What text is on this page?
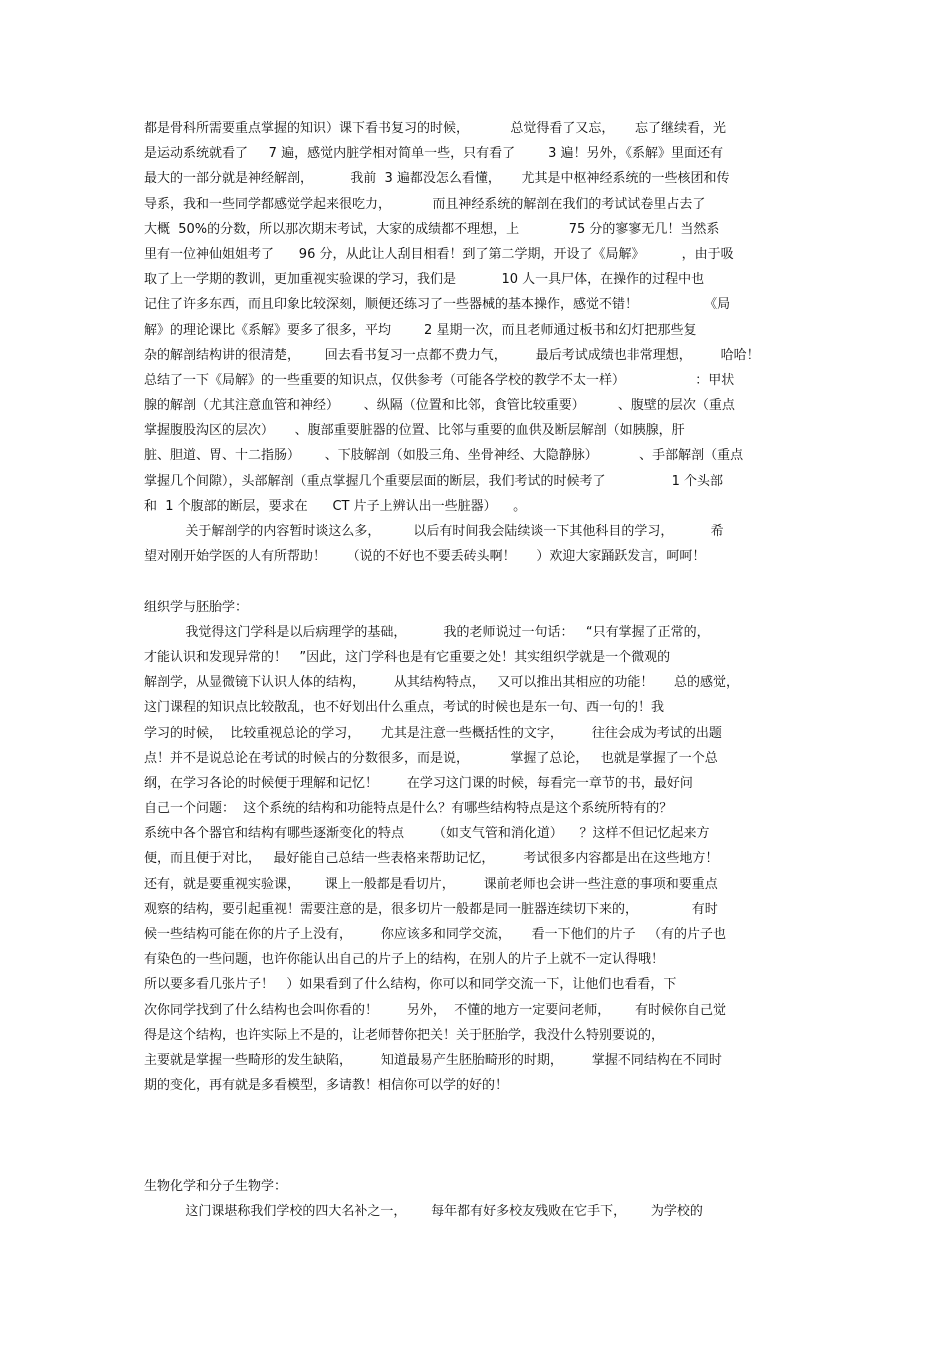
都是骨科所需要重点掌握的知识）课下看书复习的时候，          总觉得看了又忘，     忘了继续看，光
是运动系统就看了     7 遍，感觉内脏学相对简单一些，只有看了        3 遍！另外，《系解》里面还有
最大的一部分就是神经解剖，         我前  3 遍都没怎么看懂，     尤其是中枢神经系统的一些核团和传
导系，我和一些同学都感觉学起来很吃力，          而且神经系统的解剖在我们的考试试卷里占去了
大概  50%的分数，所以那次期末考试，大家的成绩都不理想，上            75 分的寥寥无几！当然系
里有一位神仙姐姐考了      96 分，从此让人刮目相看！到了第二学期，开设了《局解》         ，由于吸
取了上一学期的教训，更加重视实验课的学习，我们是           10 人一具尸体，在操作的过程中也
记住了许多东西，而且印象比较深刻，顺便还练习了一些器械的基本操作，感觉不错！                《局
解》的理论课比《系解》要多了很多，平均        2 星期一次，而且老师通过板书和幻灯把那些复
杂的解剖结构讲的很清楚，      回去看书复习一点都不费力气，       最后考试成绩也非常理想，       哈哈！
总结了一下《局解》的一些重要的知识点，仅供参考（可能各学校的教学不太一样）                 ：甲状
腺的解剖（尤其注意血管和神经）      、纵隔（位置和比邻，食管比较重要）        、腹壁的层次（重点
掌握腹股沟区的层次）     、腹部重要脏器的位置、比邻与重要的血供及断层解剖（如胰腺，肝
脏、胆道、胃、十二指肠）      、下肢解剖（如股三角、坐骨神经、大隐静脉）          、手部解剖（重点
掌握几个间隙），头部解剖（重点掌握几个重要层面的断层，我们考试的时候考了                1 个头部
和  1 个腹部的断层，要求在      CT 片子上辨认出一些脏器）    。
关于解剖学的内容暂时谈这么多，        以后有时间我会陆续谈一下其他科目的学习，         希
望对刚开始学医的人有所帮助！     （说的不好也不要丢砖头啊！     ）欢迎大家踊跃发言，呵呵！
组织学与胚胎学：
我觉得这门学科是以后病理学的基础，         我的老师说过一句话：   “只有掌握了正常的，
才能认识和发现异常的！   ”因此，这门学科也是有它重要之处！其实组织学就是一个微观的
解剖学，从显微镜下认识人体的结构，       从其结构特点，   又可以推出其相应的功能！     总的感觉，
这门课程的知识点比较散乱，也不好划出什么重点，考试的时候也是东一句、西一句的！我
学习的时候，  比较重视总论的学习，     尤其是注意一些概括性的文字，       往往会成为考试的出题
点！并不是说总论在考试的时候占的分数很多，而是说，          掌握了总论，   也就是掌握了一个总
纲，在学习各论的时候便于理解和记忆！       在学习这门课的时候，每看完一章节的书，最好问
自己一个问题：  这个系统的结构和功能特点是什么？有哪些结构特点是这个系统所特有的？
系统中各个器官和结构有哪些逐渐变化的特点       （如支气管和消化道）    ？这样不但记忆起来方
便，而且便于对比，   最好能自己总结一些表格来帮助记忆，       考试很多内容都是出在这些地方！
还有，就是要重视实验课，      课上一般都是看切片，       课前老师也会讲一些注意的事项和要重点
观察的结构，要引起重视！需要注意的是，很多切片一般都是同一脏器连续切下来的，             有时
候一些结构可能在你的片子上没有，       你应该多和同学交流，     看一下他们的片子   （有的片子也
有染色的一些问题，也许你能认出自己的片子上的结构，在别人的片子上就不一定认得哦！
所以要多看几张片子！   ）如果看到了什么结构，你可以和同学交流一下，让他们也看看，下
次你同学找到了什么结构也会叫你看的！       另外，  不懂的地方一定要问老师，      有时候你自己觉
得是这个结构，也许实际上不是的，让老师替你把关！关于胚胎学，我没什么特别要说的，
主要就是掌握一些畸形的发生缺陷，       知道最易产生胚胎畸形的时期，       掌握不同结构在不同时
期的变化，再有就是多看模型，多请教！相信你可以学的好的！
生物化学和分子生物学：
这门课堪称我们学校的四大名补之一，      每年都有好多校友残败在它手下，      为学校的
